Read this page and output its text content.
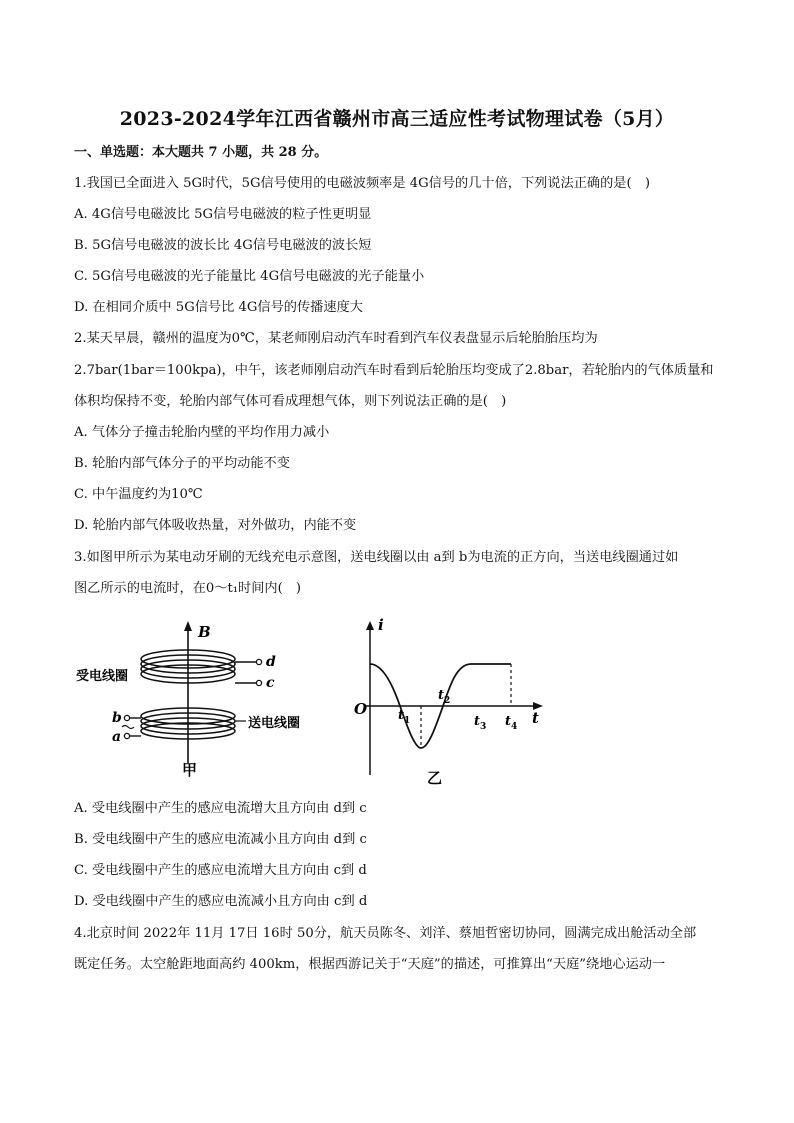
2023-2024学年江西省赣州市高三适应性考试物理试卷（5月）
一、单选题：本大题共 7 小题，共 28 分。
1.我国已全面进入 5G时代，5G信号使用的电磁波频率是 4G信号的几十倍，下列说法正确的是(　)
A. 4G信号电磁波比 5G信号电磁波的粒子性更明显
B. 5G信号电磁波的波长比 4G信号电磁波的波长短
C. 5G信号电磁波的光子能量比 4G信号电磁波的光子能量小
D. 在相同介质中 5G信号比 4G信号的传播速度大
2.某天早晨，赣州的温度为0℃，某老师刚启动汽车时看到汽车仪表盘显示后轮胎胎压均为
2.7bar(1bar＝100kpa)，中午，该老师刚启动汽车时看到后轮胎压均变成了2.8bar，若轮胎内的气体质量和
体积均保持不变，轮胎内部气体可看成理想气体，则下列说法正确的是(　)
A. 气体分子撞击轮胎内壁的平均作用力减小
B. 轮胎内部气体分子的平均动能不变
C. 中午温度约为10℃
D. 轮胎内部气体吸收热量，对外做功，内能不变
3.如图甲所示为某电动牙刷的无线充电示意图，送电线圈以由 a到 b为电流的正方向，当送电线圈通过如
图乙所示的电流时，在0～t₁时间内(　)
B
d
c
受电线圈
b
a
送电线圈
甲
i
O	t
t 1
t 2
t 3 t 4
乙
A. 受电线圈中产生的感应电流增大且方向由 d到 c
B. 受电线圈中产生的感应电流减小且方向由 d到 c
C. 受电线圈中产生的感应电流增大且方向由 c到 d
D. 受电线圈中产生的感应电流减小且方向由 c到 d
4.北京时间 2022年 11月 17日 16时 50分，航天员陈冬、刘洋、蔡旭哲密切协同，圆满完成出舱活动全部
既定任务。太空舱距地面高约 400km，根据西游记关于“天庭”的描述，可推算出“天庭”绕地心运动一
